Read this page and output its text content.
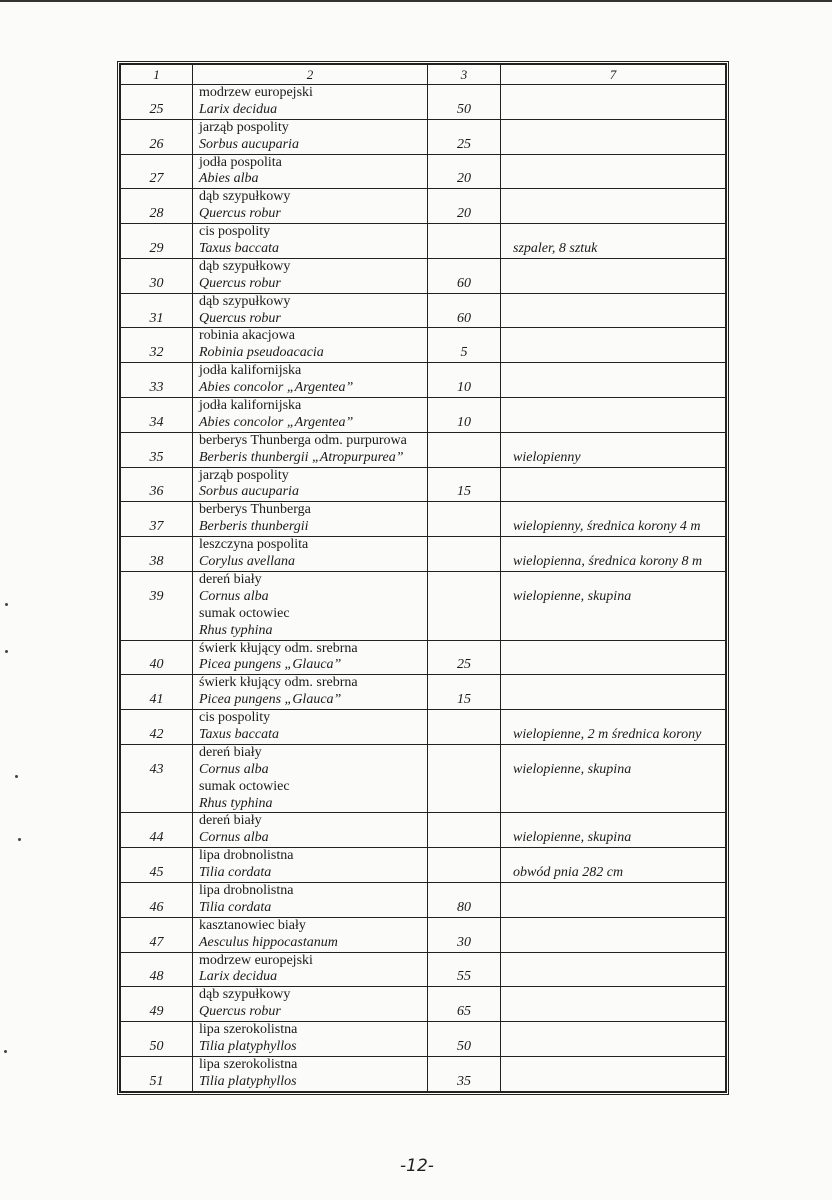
1	2	3	7

25	modrzew europejski
Larix decidua	50	

26	jarząb pospolity
Sorbus aucuparia	25	

27	jodła pospolita
Abies alba	20	

28	dąb szypułkowy
Quercus robur	20	

29	cis pospolity
Taxus baccata		szpaler, 8 sztuk

30	dąb szypułkowy
Quercus robur	60	

31	dąb szypułkowy
Quercus robur	60	

32	robinia akacjowa
Robinia pseudoacacia	5	

33	jodła kalifornijska
Abies concolor „Argentea”	10	

34	jodła kalifornijska
Abies concolor „Argentea”	10	

35	berberys Thunberga odm. purpurowa
Berberis thunbergii „Atropurpurea”		wielopienny

36	jarząb pospolity
Sorbus aucuparia	15	

37	berberys Thunberga
Berberis thunbergii		wielopienny, średnica korony 4 m

38	leszczyna pospolita
Corylus avellana		wielopienna, średnica korony 8 m

39	dereń biały
Cornus alba
sumak octowiec
Rhus typhina		wielopienne, skupina

40	świerk kłujący odm. srebrna
Picea pungens „Glauca”	25	

41	świerk kłujący odm. srebrna
Picea pungens „Glauca”	15	

42	cis pospolity
Taxus baccata		wielopienne, 2 m średnica korony

43	dereń biały
Cornus alba
sumak octowiec
Rhus typhina		wielopienne, skupina

44	dereń biały
Cornus alba		wielopienne, skupina

45	lipa drobnolistna
Tilia cordata		obwód pnia 282 cm

46	lipa drobnolistna
Tilia cordata	80	

47	kasztanowiec biały
Aesculus hippocastanum	30	

48	modrzew europejski
Larix decidua	55	

49	dąb szypułkowy
Quercus robur	65	

50	lipa szerokolistna
Tilia platyphyllos	50	

51	lipa szerokolistna
Tilia platyphyllos	35	

-12-
